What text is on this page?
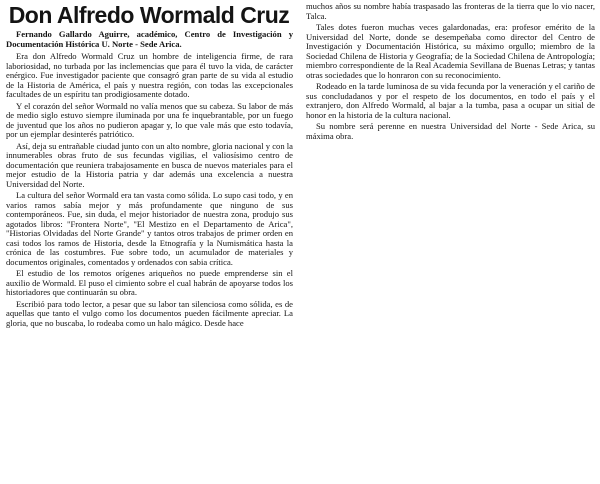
Don Alfredo Wormald Cruz

Fernando Gallardo Aguirre, académico, Centro de Investigación y Documentación Histórica U. Norte - Sede Arica.

Era don Alfredo Wormald Cruz un hombre de inteligencia firme, de rara laboriosidad, no turbada por las inclemencias que para él tuvo la vida, de carácter enérgico. Fue investigador paciente que consagró gran parte de su vida al estudio de la Historia de América, el país y nuestra región, con todas las excepcionales facultades de un espíritu tan prodigiosamente dotado.

Y el corazón del señor Wormald no valía menos que su cabeza. Su labor de más de medio siglo estuvo siempre iluminada por una fe inquebrantable, por un fuego de juventud que los años no pudieron apagar y, lo que vale más que esto todavía, por un ejemplar desinterés patriótico.

Así, deja su entrañable ciudad junto con un alto nombre, gloria nacional y con la innumerables obras fruto de sus fecundas vigilias, el valiosísimo centro de documentación que reuniera trabajosamente en busca de nuevos materiales para el mejor estudio de la Historia patria y dar además una excelencia a nuestra Universidad del Norte.

La cultura del señor Wormald era tan vasta como sólida. Lo supo casi todo, y en varios ramos sabía mejor y más profundamente que ninguno de sus contemporáneos. Fue, sin duda, el mejor historiador de nuestra zona, produjo sus agotados libros: "Frontera Norte", "El Mestizo en el Departamento de Arica", "Historias Olvidadas del Norte Grande" y tantos otros trabajos de primer orden en casi todos los ramos de Historia, desde la Etnografía y la Numismática hasta la crónica de las costumbres. Fue sobre todo, un acumulador de materiales y documentos originales, comentados y ordenados con sabia crítica.

El estudio de los remotos orígenes ariqueños no puede emprenderse sin el auxilio de Wormald. El puso el cimiento sobre el cual habrán de apoyarse todos los historiadores que continuarán su obra.

Escribió para todo lector, a pesar que su labor tan silenciosa como sólida, es de aquellas que tanto el vulgo como los documentos pueden fácilmente apreciar. La gloria, que no buscaba, lo rodeaba como un halo mágico. Desde hace

muchos años su nombre había traspasado las fronteras de la tierra que lo vio nacer, Talca.

Tales dotes fueron muchas veces galardonadas, era: profesor emérito de la Universidad del Norte, donde se desempeñaba como director del Centro de Investigación y Documentación Histórica, su máximo orgullo; miembro de la Sociedad Chilena de Historia y Geografía; de la Sociedad Chilena de Antropología; miembro correspondiente de la Real Academia Sevillana de Buenas Letras; y tantas otras sociedades que lo honraron con su reconocimiento.

Rodeado en la tarde luminosa de su vida fecunda por la veneración y el cariño de sus concludadanos y por el respeto de los documentos, en todo el país y el extranjero, don Alfredo Wormald, al bajar a la tumba, pasa a ocupar un sitial de honor en la historia de la cultura nacional.

Su nombre será perenne en nuestra Universidad del Norte - Sede Arica, su máxima obra.
